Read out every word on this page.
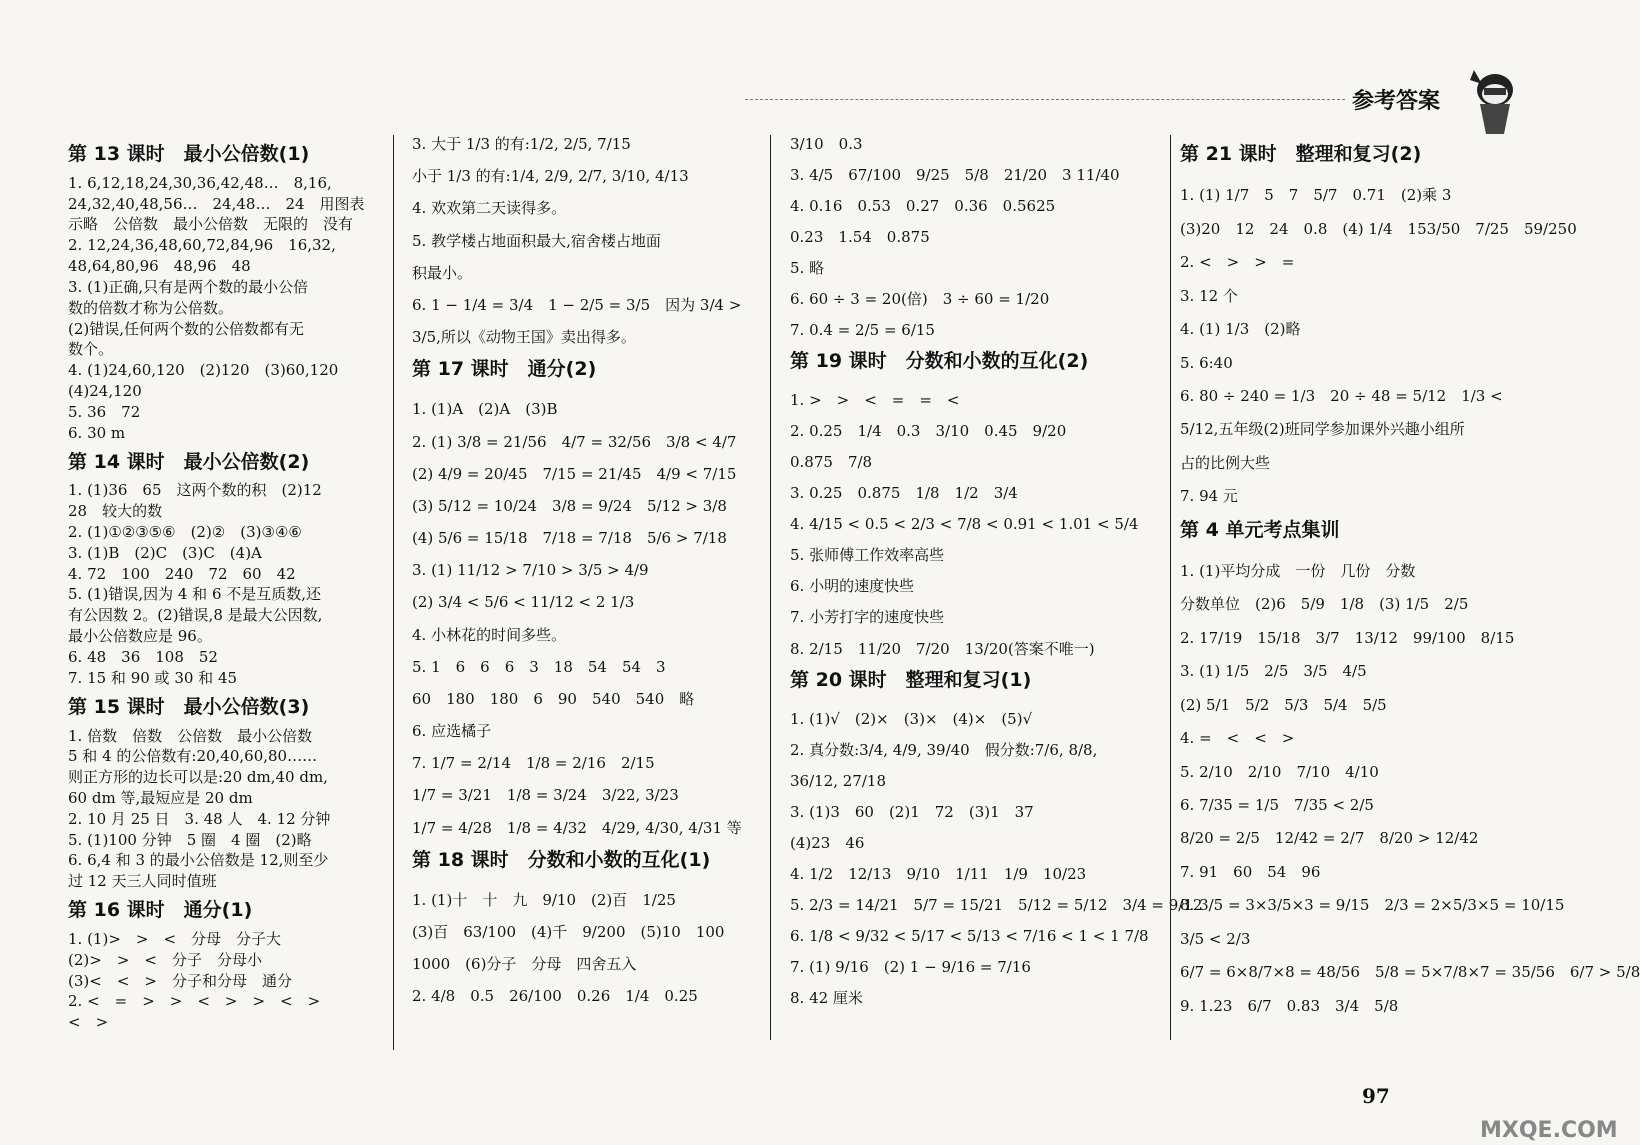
参考答案
第 13 课时　最小公倍数(1)
1. 6,12,18,24,30,36,42,48…　8,16,
24,32,40,48,56…　24,48…　24　用图表
示略　公倍数　最小公倍数　无限的　没有
2. 12,24,36,48,60,72,84,96　16,32,
48,64,80,96　48,96　48
3. (1)正确,只有是两个数的最小公倍
数的倍数才称为公倍数。
(2)错误,任何两个数的公倍数都有无
数个。
4. (1)24,60,120　(2)120　(3)60,120
(4)24,120
5. 36　72
6. 30 m
第 14 课时　最小公倍数(2)
1. (1)36　65　这两个数的积　(2)12
28　较大的数
2. (1)①②③⑤⑥　(2)②　(3)③④⑥
3. (1)B　(2)C　(3)C　(4)A
4. 72　100　240　72　60　42
5. (1)错误,因为 4 和 6 不是互质数,还
有公因数 2。(2)错误,8 是最大公因数,
最小公倍数应是 96。
6. 48　36　108　52
7. 15 和 90 或 30 和 45
第 15 课时　最小公倍数(3)
1. 倍数　倍数　公倍数　最小公倍数
5 和 4 的公倍数有:20,40,60,80……
则正方形的边长可以是:20 dm,40 dm,
60 dm 等,最短应是 20 dm
2. 10 月 25 日　3. 48 人　4. 12 分钟
5. (1)100 分钟　5 圈　4 圈　(2)略
6. 6,4 和 3 的最小公倍数是 12,则至少
过 12 天三人同时值班
第 16 课时　通分(1)
1. (1)>　>　<　分母　分子大
(2)>　>　<　分子　分母小
(3)<　<　>　分子和分母　通分
2. <　=　>　>　<　>　>　<　>
<　>
3. 大于 1/3 的有:1/2, 2/5, 7/15
小于 1/3 的有:1/4, 2/9, 2/7, 3/10, 4/13
4. 欢欢第二天读得多。
5. 教学楼占地面积最大,宿舍楼占地面
积最小。
6. 1 − 1/4 = 3/4　1 − 2/5 = 3/5　因为 3/4 >
3/5,所以《动物王国》卖出得多。
第 17 课时　通分(2)
1. (1)A　(2)A　(3)B
2. (1) 3/8 = 21/56　4/7 = 32/56　3/8 < 4/7
(2) 4/9 = 20/45　7/15 = 21/45　4/9 < 7/15
(3) 5/12 = 10/24　3/8 = 9/24　5/12 > 3/8
(4) 5/6 = 15/18　7/18 = 7/18　5/6 > 7/18
3. (1) 11/12 > 7/10 > 3/5 > 4/9
(2) 3/4 < 5/6 < 11/12 < 2 1/3
4. 小林花的时间多些。
5. 1　6　6　6　3　18　54　54　3
60　180　180　6　90　540　540　略
6. 应选橘子
7. 1/7 = 2/14　1/8 = 2/16　2/15
1/7 = 3/21　1/8 = 3/24　3/22, 3/23
1/7 = 4/28　1/8 = 4/32　4/29, 4/30, 4/31 等
第 18 课时　分数和小数的互化(1)
1. (1)十　十　九　9/10　(2)百　1/25
(3)百　63/100　(4)千　9/200　(5)10　100
1000　(6)分子　分母　四舍五入
2. 4/8　0.5　26/100　0.26　1/4　0.25
3/10　0.3
3. 4/5　67/100　9/25　5/8　21/20　3 11/40
4. 0.16　0.53　0.27　0.36　0.5625
0.23　1.54　0.875
5. 略
6. 60 ÷ 3 = 20(倍)　3 ÷ 60 = 1/20
7. 0.4 = 2/5 = 6/15
第 19 课时　分数和小数的互化(2)
1. >　>　<　=　=　<
2. 0.25　1/4　0.3　3/10　0.45　9/20
0.875　7/8
3. 0.25　0.875　1/8　1/2　3/4
4. 4/15 < 0.5 < 2/3 < 7/8 < 0.91 < 1.01 < 5/4
5. 张师傅工作效率高些
6. 小明的速度快些
7. 小芳打字的速度快些
8. 2/15　11/20　7/20　13/20(答案不唯一)
第 20 课时　整理和复习(1)
1. (1)√　(2)×　(3)×　(4)×　(5)√
2. 真分数:3/4, 4/9, 39/40　假分数:7/6, 8/8,
36/12, 27/18
3. (1)3　60　(2)1　72　(3)1　37
(4)23　46
4. 1/2　12/13　9/10　1/11　1/9　10/23
5. 2/3 = 14/21　5/7 = 15/21　5/12 = 5/12　3/4 = 9/12
6. 1/8 < 9/32 < 5/17 < 5/13 < 7/16 < 1 < 1 7/8
7. (1) 9/16　(2) 1 − 9/16 = 7/16
8. 42 厘米
第 21 课时　整理和复习(2)
1. (1) 1/7　5　7　5/7　0.71　(2)乘 3
(3)20　12　24　0.8　(4) 1/4　153/50　7/25　59/250
2. <　>　>　=
3. 12 个
4. (1) 1/3　(2)略
5. 6:40
6. 80 ÷ 240 = 1/3　20 ÷ 48 = 5/12　1/3 <
5/12,五年级(2)班同学参加课外兴趣小组所
占的比例大些
7. 94 元
第 4 单元考点集训
1. (1)平均分成　一份　几份　分数
分数单位　(2)6　5/9　1/8　(3) 1/5　2/5
2. 17/19　15/18　3/7　13/12　99/100　8/15
3. (1) 1/5　2/5　3/5　4/5
(2) 5/1　5/2　5/3　5/4　5/5
4. =　<　<　>
5. 2/10　2/10　7/10　4/10
6. 7/35 = 1/5　7/35 < 2/5
8/20 = 2/5　12/42 = 2/7　8/20 > 12/42
7. 91　60　54　96
8. 3/5 = 3×3/5×3 = 9/15　2/3 = 2×5/3×5 = 10/15
3/5 < 2/3
6/7 = 6×8/7×8 = 48/56　5/8 = 5×7/8×7 = 35/56　6/7 > 5/8
9. 1.23　6/7　0.83　3/4　5/8
97
MXQE.COM
